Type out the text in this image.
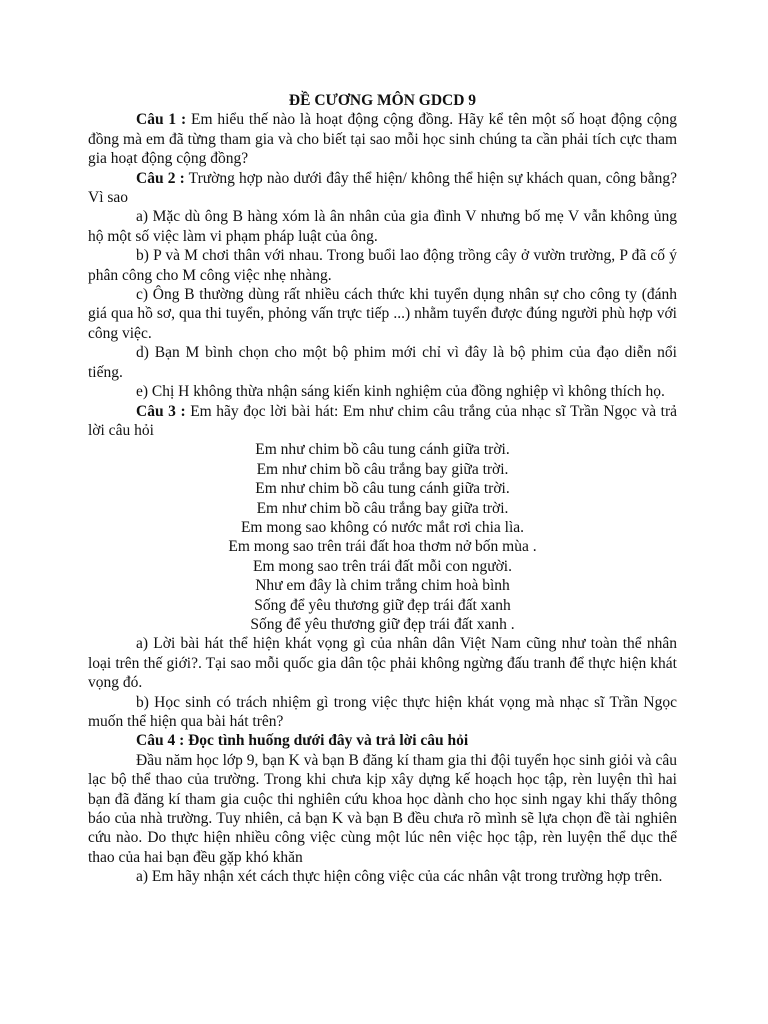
ĐỀ CƯƠNG MÔN GDCD 9

Câu 1 : Em hiểu thế nào là hoạt động cộng đồng. Hãy kể tên một số hoạt động cộng đồng mà em đã từng tham gia và cho biết tại sao mỗi học sinh chúng ta cần phải tích cực tham gia hoạt động cộng đồng?

Câu 2 : Trường hợp nào dưới đây thể hiện/ không thể hiện sự khách quan, công bằng? Vì sao

a) Mặc dù ông B hàng xóm là ân nhân của gia đình V nhưng bố mẹ V vẫn không ủng hộ một số việc làm vi phạm pháp luật của ông.

b) P và M chơi thân với nhau. Trong buổi lao động trồng cây ở vườn trường, P đã cố ý phân công cho M công việc nhẹ nhàng.

c) Ông B thường dùng rất nhiều cách thức khi tuyển dụng nhân sự cho công ty (đánh giá qua hồ sơ, qua thi tuyển, phỏng vấn trực tiếp ...) nhằm tuyển được đúng người phù hợp với công việc.

d) Bạn M bình chọn cho một bộ phim mới chỉ vì đây là bộ phim của đạo diễn nổi tiếng.

e) Chị H không thừa nhận sáng kiến kinh nghiệm của đồng nghiệp vì không thích họ.

Câu 3 : Em hãy đọc lời bài hát: Em như chim câu trắng của nhạc sĩ Trần Ngọc và trả lời câu hỏi

Em như chim bồ câu tung cánh giữa trời.
Em như chim bồ câu trắng bay giữa trời.
Em như chim bồ câu tung cánh giữa trời.
Em như chim bồ câu trắng bay giữa trời.
Em mong sao không có nước mắt rơi chia lìa.
Em mong sao trên trái đất hoa thơm nở bốn mùa .
Em mong sao trên trái đất mỗi con người.
Như em đây là chim trắng chim hoà bình
Sống để yêu thương giữ đẹp trái đất xanh
Sống để yêu thương giữ đẹp trái đất xanh .

a) Lời bài hát thể hiện khát vọng gì của nhân dân Việt Nam cũng như toàn thể nhân loại trên thế giới?. Tại sao mỗi quốc gia dân tộc phải không ngừng đấu tranh để thực hiện khát vọng đó.

b) Học sinh có trách nhiệm gì trong việc thực hiện khát vọng mà nhạc sĩ Trần Ngọc muốn thể hiện qua bài hát trên?

Câu 4 : Đọc tình huống dưới đây và trả lời câu hỏi

Đầu năm học lớp 9, bạn K và bạn B đăng kí tham gia thi đội tuyển học sinh giỏi và câu lạc bộ thể thao của trường. Trong khi chưa kịp xây dựng kế hoạch học tập, rèn luyện thì hai bạn đã đăng kí tham gia cuộc thi nghiên cứu khoa học dành cho học sinh ngay khi thấy thông báo của nhà trường. Tuy nhiên, cả bạn K và bạn B đều chưa rõ mình sẽ lựa chọn đề tài nghiên cứu nào. Do thực hiện nhiều công việc cùng một lúc nên việc học tập, rèn luyện thể dục thể thao của hai bạn đều gặp khó khăn

a) Em hãy nhận xét cách thực hiện công việc của các nhân vật trong trường hợp trên.
